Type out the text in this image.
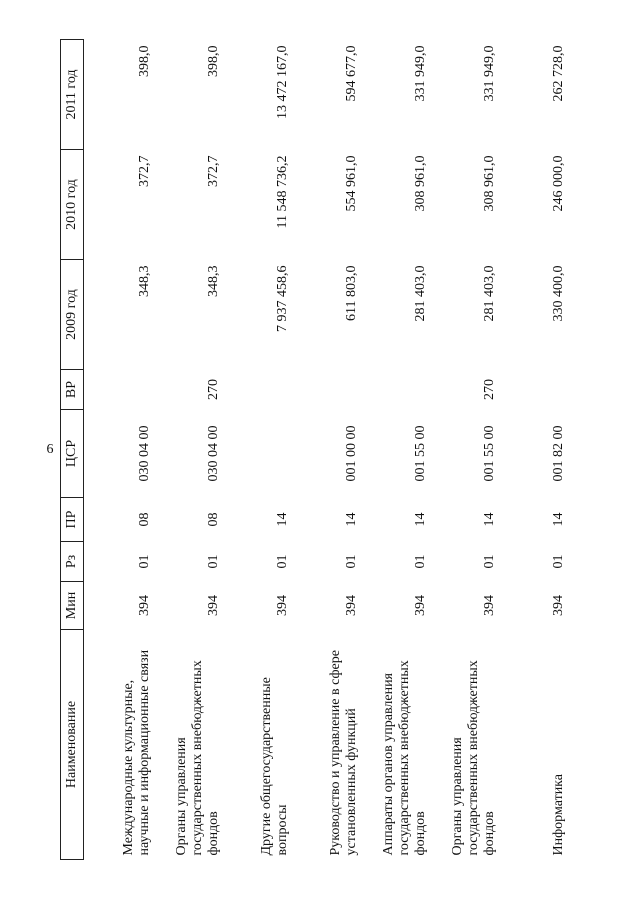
6
Наименование	Мин	Рз	ПР	ЦСР	ВР	2009 год	2010 год	2011 год
Международные культурные, научные и информационные связи	394	01	08	030 04 00		348,3	372,7	398,0
Органы управления государственных внебюджетных фондов	394	01	08	030 04 00	270	348,3	372,7	398,0
Другие общегосударственные вопросы	394	01	14			7 937 458,6	11 548 736,2	13 472 167,0
Руководство и управление в сфере установленных функций	394	01	14	001 00 00		611 803,0	554 961,0	594 677,0
Аппараты органов управления государственных внебюджетных фондов	394	01	14	001 55 00		281 403,0	308 961,0	331 949,0
Органы управления государственных внебюджетных фондов	394	01	14	001 55 00	270	281 403,0	308 961,0	331 949,0
Информатика	394	01	14	001 82 00		330 400,0	246 000,0	262 728,0
